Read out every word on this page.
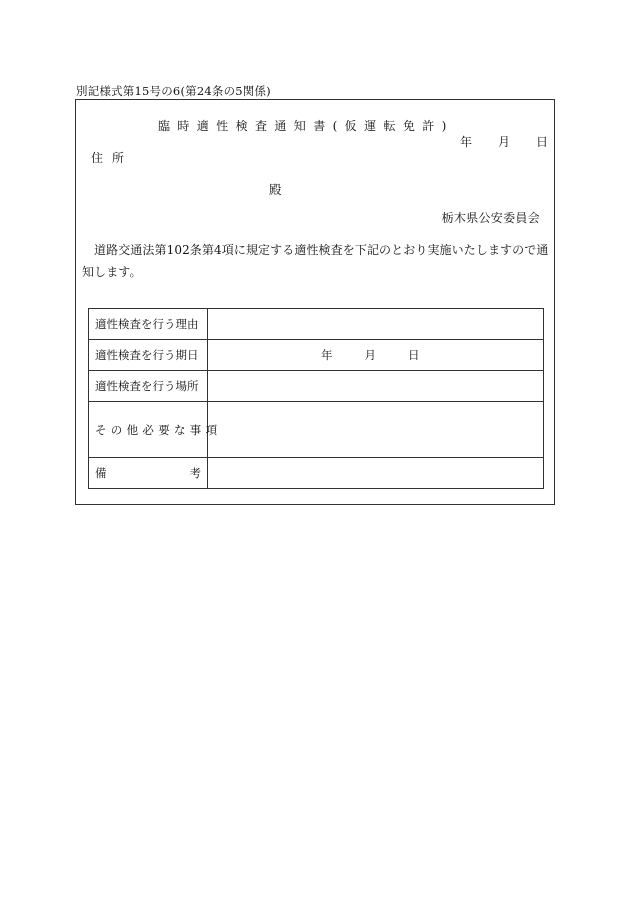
別記様式第15号の6(第24条の5関係)
臨時適性検査通知書(仮運転免許)
年 月 日
住所
殿
栃木県公安委員会
道路交通法第102条第4項に規定する適性検査を下記のとおり実施いたしますので通知します。
適性検査を行う理由	
適性検査を行う期日	年 月 日
適性検査を行う場所	
その他必要な事項	

備 考	
